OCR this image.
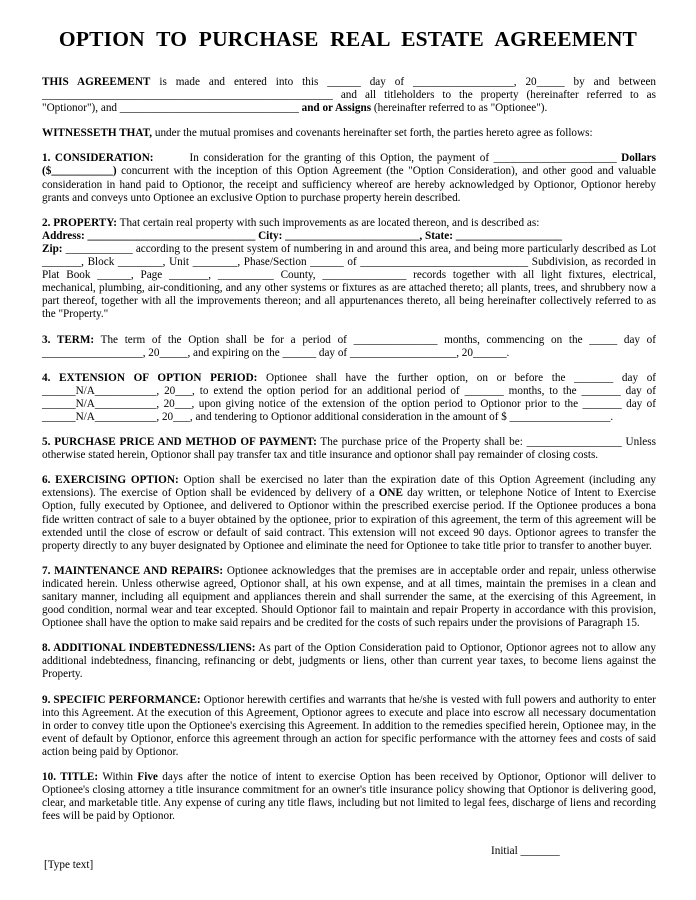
OPTION TO PURCHASE REAL ESTATE AGREEMENT

THIS AGREEMENT is made and entered into this ______ day of __________________, 20_____ by and between ____________________________________________________ and all titleholders to the property (hereinafter referred to as "Optionor"), and ________________________________ and or Assigns (hereinafter referred to as "Optionee").

WITNESSETH THAT, under the mutual promises and covenants hereinafter set forth, the parties hereto agree as follows:

1. CONSIDERATION:	In consideration for the granting of this Option, the payment of ______________________ Dollars ($___________) concurrent with the inception of this Option Agreement (the "Option Consideration), and other good and valuable consideration in hand paid to Optionor, the receipt and sufficiency whereof are hereby acknowledged by Optionor, Optionor hereby grants and conveys unto Optionee an exclusive Option to purchase property herein described.

2. PROPERTY: That certain real property with such improvements as are located thereon, and is described as:
Address: ______________________________ City: ________________________, State: ___________________
Zip: ____________ according to the present system of numbering in and around this area, and being more particularly described as Lot _______, Block ________, Unit ________, Phase/Section ______ of ______________________________ Subdivision, as recorded in Plat Book ______, Page _______, __________ County, _______________ records together with all light fixtures, electrical, mechanical, plumbing, air-conditioning, and any other systems or fixtures as are attached thereto; all plants, trees, and shrubbery now a part thereof, together with all the improvements thereon; and all appurtenances thereto, all being hereinafter collectively referred to as the "Property."

3. TERM: The term of the Option shall be for a period of _______________ months, commencing on the _____ day of __________________, 20_____, and expiring on the ______ day of ___________________, 20______.

4. EXTENSION OF OPTION PERIOD: Optionee shall have the further option, on or before the _______ day of ______N/A___________, 20___, to extend the option period for an additional period of _______ months, to the _______ day of ______N/A___________, 20___, upon giving notice of the extension of the option period to Optionor prior to the _______ day of ______N/A___________, 20___, and tendering to Optionor additional consideration in the amount of $ __________________.

5. PURCHASE PRICE AND METHOD OF PAYMENT: The purchase price of the Property shall be: _________________ Unless otherwise stated herein, Optionor shall pay transfer tax and title insurance and optionor shall pay remainder of closing costs.

6. EXERCISING OPTION: Option shall be exercised no later than the expiration date of this Option Agreement (including any extensions). The exercise of Option shall be evidenced by delivery of a ONE day written, or telephone Notice of Intent to Exercise Option, fully executed by Optionee, and delivered to Optionor within the prescribed exercise period. If the Optionee produces a bona fide written contract of sale to a buyer obtained by the optionee, prior to expiration of this agreement, the term of this agreement will be extended until the close of escrow or default of said contract. This extension will not exceed 90 days. Optionor agrees to transfer the property directly to any buyer designated by Optionee and eliminate the need for Optionee to take title prior to transfer to another buyer.

7. MAINTENANCE AND REPAIRS: Optionee acknowledges that the premises are in acceptable order and repair, unless otherwise indicated herein. Unless otherwise agreed, Optionor shall, at his own expense, and at all times, maintain the premises in a clean and sanitary manner, including all equipment and appliances therein and shall surrender the same, at the exercising of this Agreement, in good condition, normal wear and tear excepted. Should Optionor fail to maintain and repair Property in accordance with this provision, Optionee shall have the option to make said repairs and be credited for the costs of such repairs under the provisions of Paragraph 15.

8. ADDITIONAL INDEBTEDNESS/LIENS: As part of the Option Consideration paid to Optionor, Optionor agrees not to allow any additional indebtedness, financing, refinancing or debt, judgments or liens, other than current year taxes, to become liens against the Property.

9. SPECIFIC PERFORMANCE: Optionor herewith certifies and warrants that he/she is vested with full powers and authority to enter into this Agreement. At the execution of this Agreement, Optionor agrees to execute and place into escrow all necessary documentation in order to convey title upon the Optionee's exercising this Agreement. In addition to the remedies specified herein, Optionee may, in the event of default by Optionor, enforce this agreement through an action for specific performance with the attorney fees and costs of said action being paid by Optionor.

10. TITLE: Within Five days after the notice of intent to exercise Option has been received by Optionor, Optionor will deliver to Optionee's closing attorney a title insurance commitment for an owner's title insurance policy showing that Optionor is delivering good, clear, and marketable title. Any expense of curing any title flaws, including but not limited to legal fees, discharge of liens and recording fees will be paid by Optionor.

Initial _______
[Type text]
